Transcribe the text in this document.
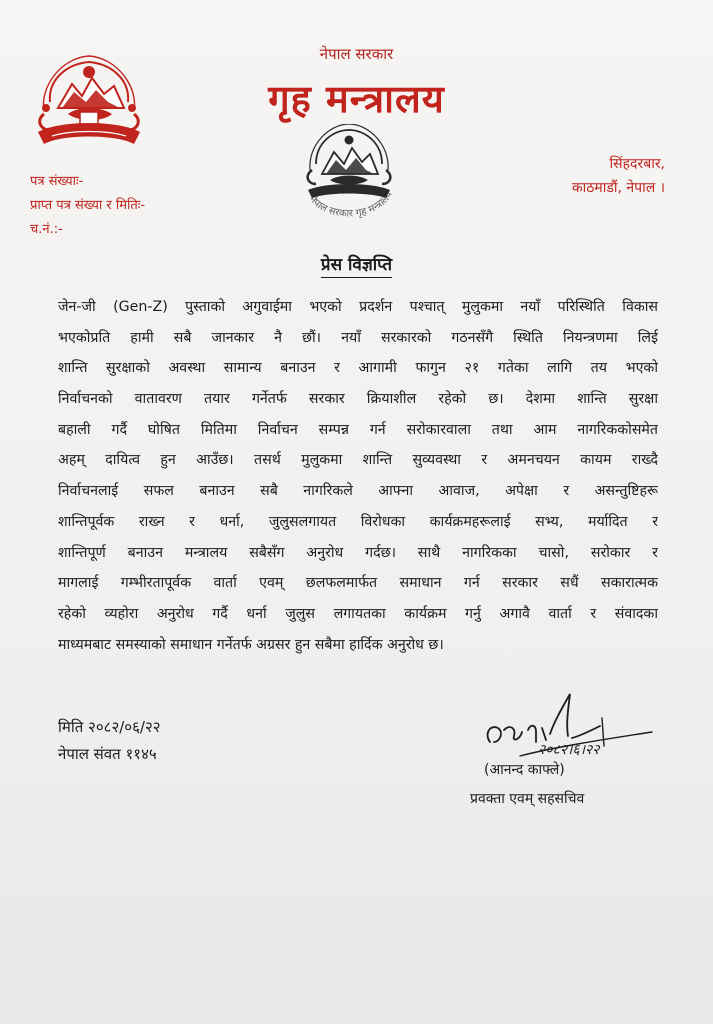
नेपाल सरकार
गृह मन्त्रालय
नेपाल सरकार गृह मन्त्रालय
पत्र संख्याः-
प्राप्त पत्र संख्या र मितिः-
च.नं.:-
सिंहदरबार,
काठमाडौं, नेपाल ।
प्रेस विज्ञप्ति
जेन-जी (Gen-Z) पुस्ताको अगुवाईमा भएको प्रदर्शन पश्चात् मुलुकमा नयाँ परिस्थिति विकास
भएकोप्रति हामी सबै जानकार नै छौं। नयाँ सरकारको गठनसँगै स्थिति नियन्त्रणमा लिई
शान्ति सुरक्षाको अवस्था सामान्य बनाउन र आगामी फागुन २१ गतेका लागि तय भएको
निर्वाचनको वातावरण तयार गर्नेतर्फ सरकार क्रियाशील रहेको छ। देशमा शान्ति सुरक्षा
बहाली गर्दै घोषित मितिमा निर्वाचन सम्पन्न गर्न सरोकारवाला तथा आम नागरिककोसमेत
अहम् दायित्व हुन आउँछ। तसर्थ मुलुकमा शान्ति सुव्यवस्था र अमनचयन कायम राख्दै
निर्वाचनलाई सफल बनाउन सबै नागरिकले आफ्ना आवाज, अपेक्षा र असन्तुष्टिहरू
शान्तिपूर्वक राख्न र धर्ना, जुलुसलगायत विरोधका कार्यक्रमहरूलाई सभ्य, मर्यादित र
शान्तिपूर्ण बनाउन मन्त्रालय सबैसँग अनुरोध गर्दछ। साथै नागरिकका चासो, सरोकार र
मागलाई गम्भीरतापूर्वक वार्ता एवम् छलफलमार्फत समाधान गर्न सरकार सधैं सकारात्मक
रहेको व्यहोरा अनुरोध गर्दै धर्ना जुलुस लगायतका कार्यक्रम गर्नु अगावै वार्ता र संवादका
माध्यमबाट समस्याको समाधान गर्नेतर्फ अग्रसर हुन सबैमा हार्दिक अनुरोध छ।
मिति २०८२/०६/२२
नेपाल संवत ११४५	२०८२।६।२२
(आनन्द काफ्ले)
प्रवक्ता एवम् सहसचिव
